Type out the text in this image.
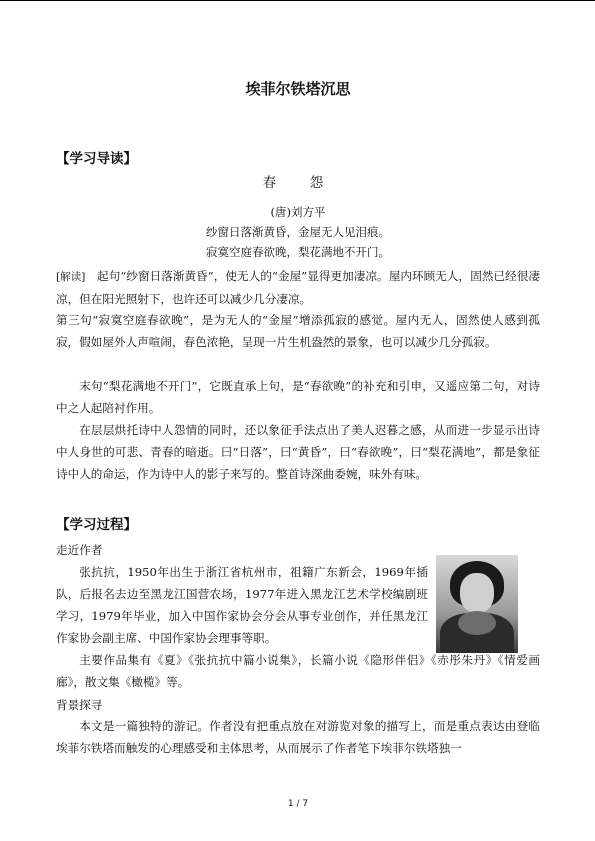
埃菲尔铁塔沉思
【学习导读】
春　怨
(唐)刘方平
纱窗日落渐黄昏，金屋无人见泪痕。
寂寞空庭春欲晚，梨花满地不开门。

[解读]　 起句“纱窗日落渐黄昏”，使无人的“金屋”显得更加凄凉。屋内环顾无人，固然已经很凄凉，但在阳光照射下，也许还可以减少几分凄凉。

第三句“寂寞空庭春欲晚”，是为无人的“金屋”增添孤寂的感觉。屋内无人，固然使人感到孤寂，假如屋外人声喧闹，春色浓艳，呈现一片生机盎然的景象，也可以减少几分孤寂。

末句“梨花满地不开门”，它既直承上句，是“春欲晚”的补充和引申，又遥应第二句，对诗中之人起陪衬作用。

在层层烘托诗中人怨情的同时，还以象征手法点出了美人迟暮之感，从而进一步显示出诗中人身世的可悲、青春的暗逝。曰“日落”，曰“黄昏”，曰“春欲晚”，曰“梨花满地”，都是象征诗中人的命运，作为诗中人的影子来写的。整首诗深曲委婉，味外有味。

【学习过程】
走近作者

张抗抗，1950年出生于浙江省杭州市，祖籍广东新会，1969年插队，后报名去边至黑龙江国营农场，1977年进入黑龙江艺术学校编剧班学习，1979年毕业，加入中国作家协会分会从事专业创作，并任黑龙江作家协会副主席、中国作家协会理事等职。

主要作品集有《夏》《张抗抗中篇小说集》，长篇小说《隐形伴侣》《赤彤朱丹》《情爱画廊》，散文集《橄榄》等。

背景探寻

本文是一篇独特的游记。作者没有把重点放在对游览对象的描写上，而是重点表达由登临埃菲尔铁塔而触发的心理感受和主体思考，从而展示了作者笔下埃菲尔铁塔独一

1 / 7
